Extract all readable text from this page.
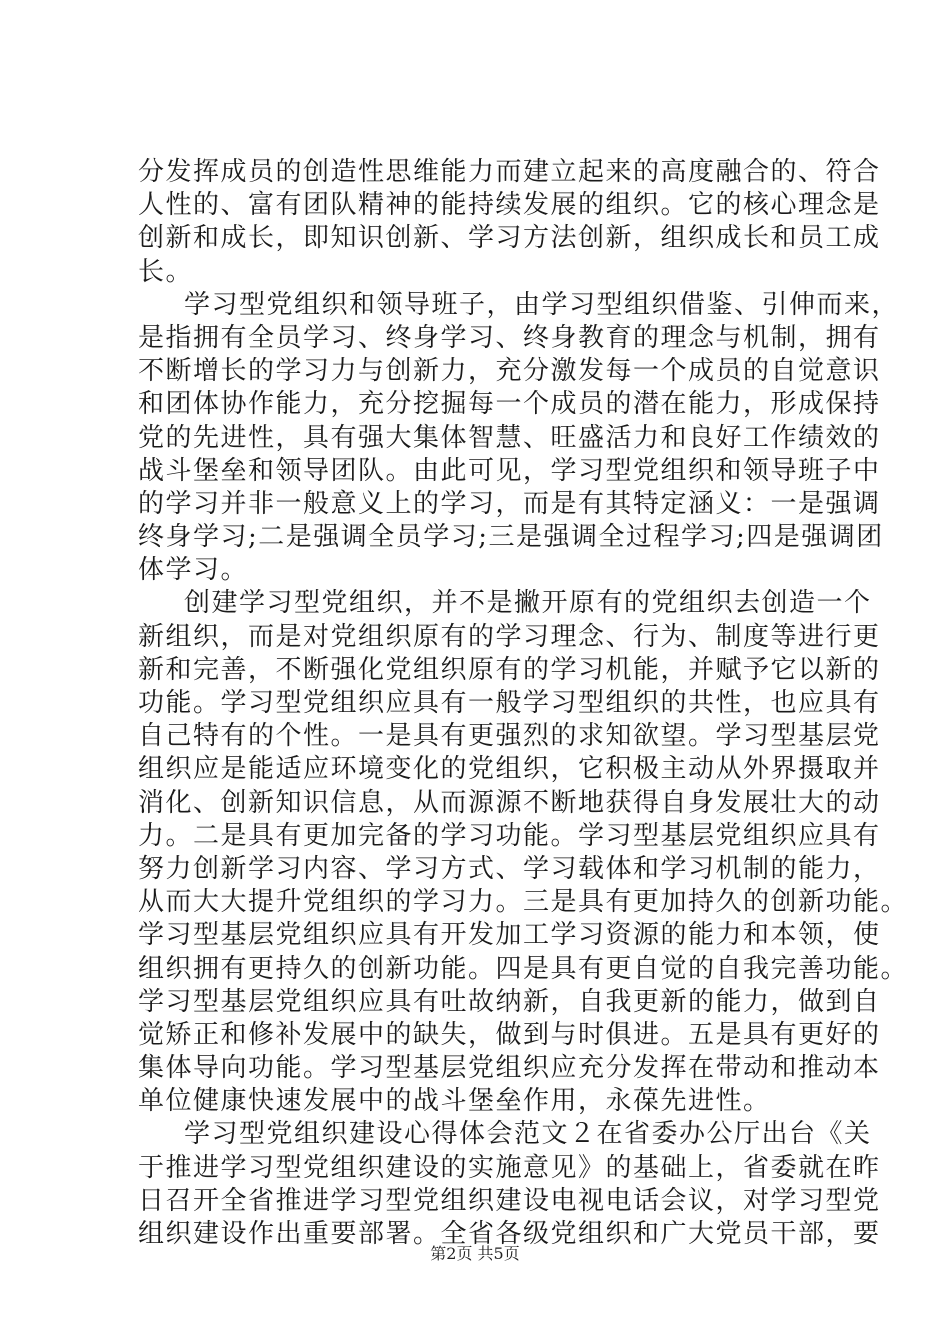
分发挥成员的创造性思维能力而建立起来的高度融合的、符合
人性的、富有团队精神的能持续发展的组织。它的核心理念是
创新和成长，即知识创新、学习方法创新，组织成长和员工成
长。
学习型党组织和领导班子，由学习型组织借鉴、引伸而来，
是指拥有全员学习、终身学习、终身教育的理念与机制，拥有
不断增长的学习力与创新力，充分激发每一个成员的自觉意识
和团体协作能力，充分挖掘每一个成员的潜在能力，形成保持
党的先进性，具有强大集体智慧、旺盛活力和良好工作绩效的
战斗堡垒和领导团队。由此可见，学习型党组织和领导班子中
的学习并非一般意义上的学习，而是有其特定涵义：一是强调
终身学习;二是强调全员学习;三是强调全过程学习;四是强调团
体学习。
创建学习型党组织，并不是撇开原有的党组织去创造一个
新组织，而是对党组织原有的学习理念、行为、制度等进行更
新和完善，不断强化党组织原有的学习机能，并赋予它以新的
功能。学习型党组织应具有一般学习型组织的共性，也应具有
自己特有的个性。一是具有更强烈的求知欲望。学习型基层党
组织应是能适应环境变化的党组织，它积极主动从外界摄取并
消化、创新知识信息，从而源源不断地获得自身发展壮大的动
力。二是具有更加完备的学习功能。学习型基层党组织应具有
努力创新学习内容、学习方式、学习载体和学习机制的能力，
从而大大提升党组织的学习力。三是具有更加持久的创新功能。
学习型基层党组织应具有开发加工学习资源的能力和本领，使
组织拥有更持久的创新功能。四是具有更自觉的自我完善功能。
学习型基层党组织应具有吐故纳新，自我更新的能力，做到自
觉矫正和修补发展中的缺失，做到与时俱进。五是具有更好的
集体导向功能。学习型基层党组织应充分发挥在带动和推动本
单位健康快速发展中的战斗堡垒作用，永葆先进性。
学习型党组织建设心得体会范文２在省委办公厅出台《关
于推进学习型党组织建设的实施意见》的基础上，省委就在昨
日召开全省推进学习型党组织建设电视电话会议，对学习型党
组织建设作出重要部署。全省各级党组织和广大党员干部，要
第2页 共5页
